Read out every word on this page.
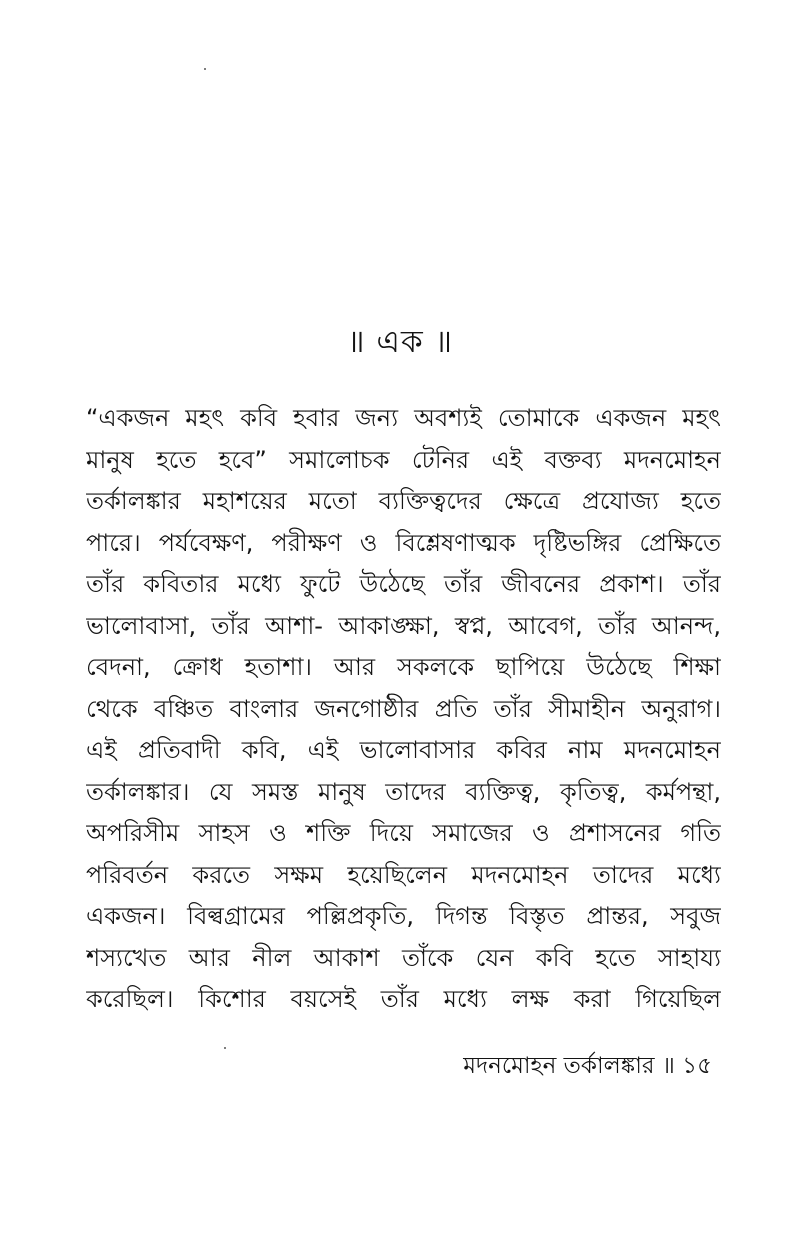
॥ এক ॥
“একজন মহৎ কবি হবার জন্য অবশ্যই তোমাকে একজন মহৎ
মানুষ হতে হবে” সমালোচক টেনির এই বক্তব্য মদনমোহন
তর্কালঙ্কার মহাশয়ের মতো ব্যক্তিত্বদের ক্ষেত্রে প্রযোজ্য হতে
পারে। পর্যবেক্ষণ, পরীক্ষণ ও বিশ্লেষণাত্মক দৃষ্টিভঙ্গির প্রেক্ষিতে
তাঁর কবিতার মধ্যে ফুটে উঠেছে তাঁর জীবনের প্রকাশ। তাঁর
ভালোবাসা, তাঁর আশা- আকাঙ্ক্ষা, স্বপ্ন, আবেগ, তাঁর আনন্দ,
বেদনা, ক্রোধ হতাশা। আর সকলকে ছাপিয়ে উঠেছে শিক্ষা
থেকে বঞ্চিত বাংলার জনগোষ্ঠীর প্রতি তাঁর সীমাহীন অনুরাগ।
এই প্রতিবাদী কবি, এই ভালোবাসার কবির নাম মদনমোহন
তর্কালঙ্কার। যে সমস্ত মানুষ তাদের ব্যক্তিত্ব, কৃতিত্ব, কর্মপন্থা,
অপরিসীম সাহস ও শক্তি দিয়ে সমাজের ও প্রশাসনের গতি
পরিবর্তন করতে সক্ষম হয়েছিলেন মদনমোহন তাদের মধ্যে
একজন। বিল্বগ্রামের পল্লিপ্রকৃতি, দিগন্ত বিস্তৃত প্রান্তর, সবুজ
শস্যখেত আর নীল আকাশ তাঁকে যেন কবি হতে সাহায্য
করেছিল। কিশোর বয়সেই তাঁর মধ্যে লক্ষ করা গিয়েছিল
মদনমোহন তর্কালঙ্কার ॥ ১৫
